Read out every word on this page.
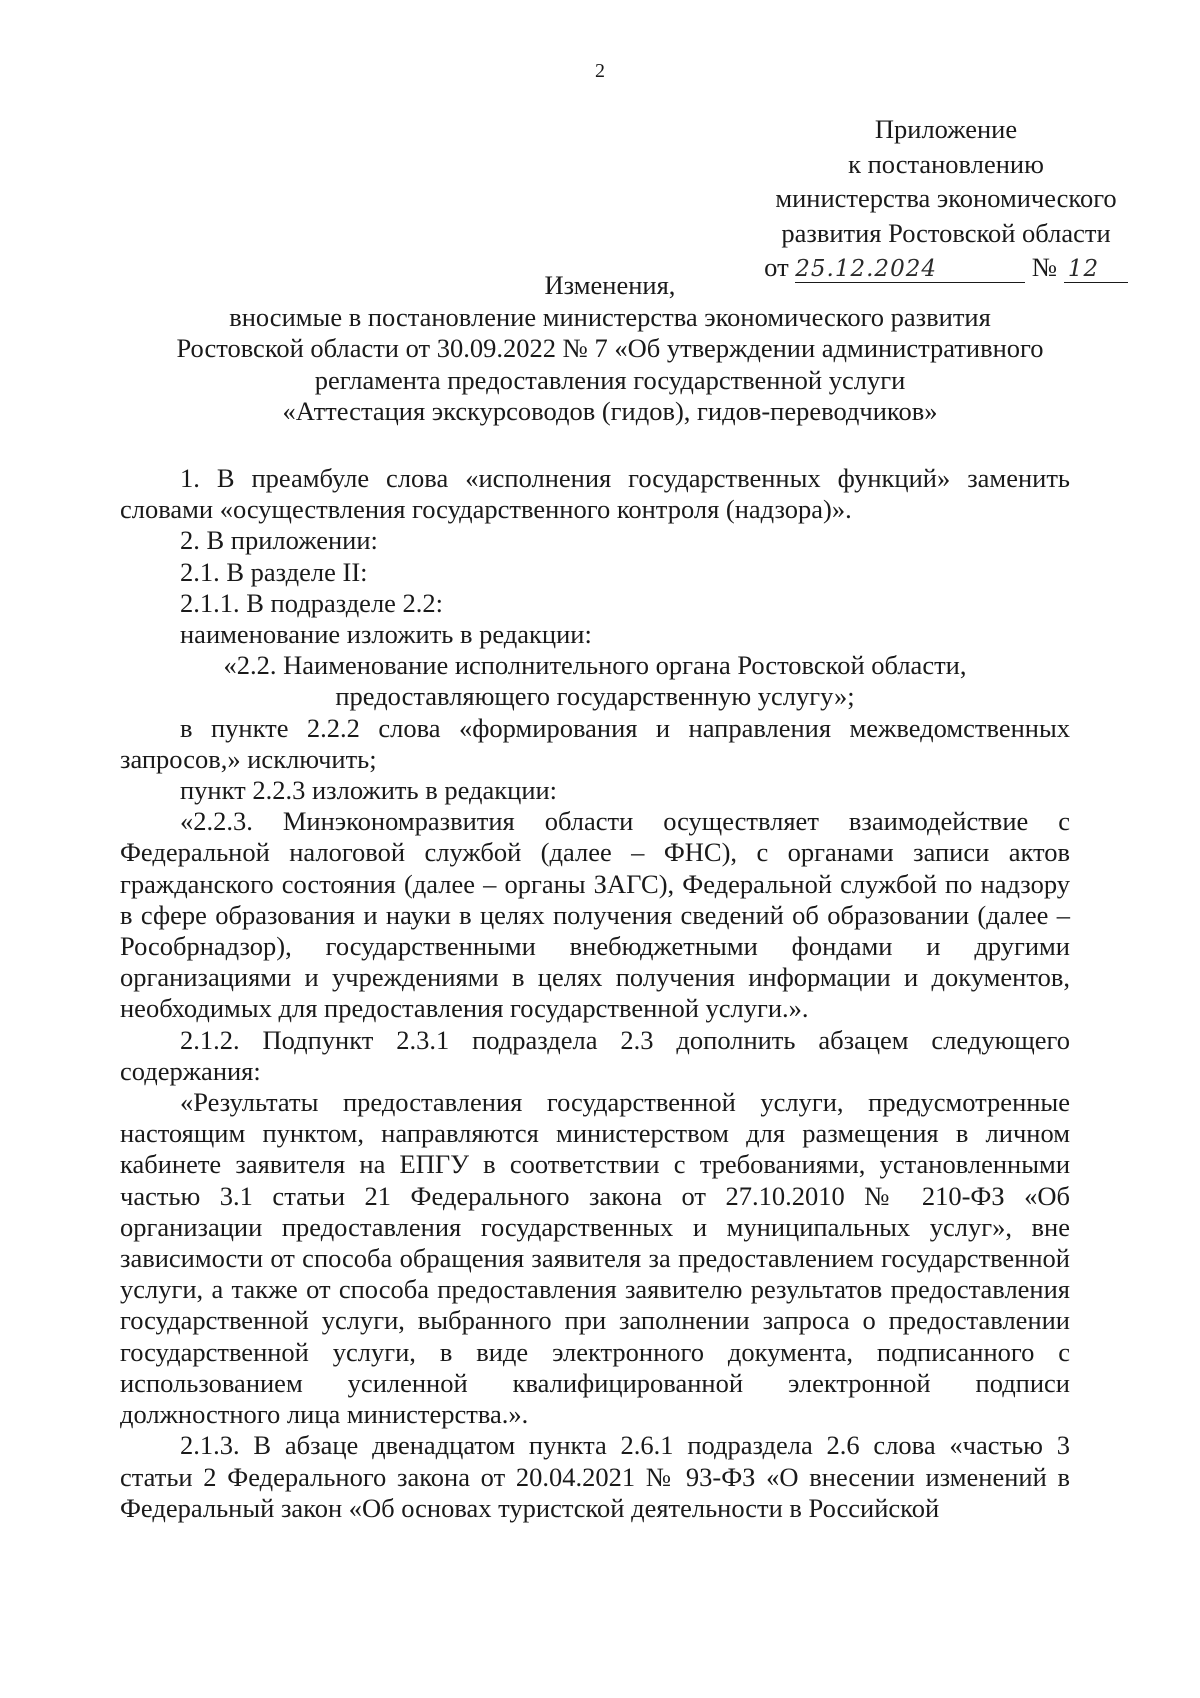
2
Приложение
к постановлению
министерства экономического
развития Ростовской области
от 25.12.2024	№ 12
Изменения,
вносимые в постановление министерства экономического развития
Ростовской области от 30.09.2022 № 7 «Об утверждении административного
регламента предоставления государственной услуги
«Аттестация экскурсоводов (гидов), гидов-переводчиков»

1. В преамбуле слова «исполнения государственных функций» заменить словами «осуществления государственного контроля (надзора)».

2. В приложении:

2.1. В разделе II:

2.1.1. В подразделе 2.2:

наименование изложить в редакции:

«2.2. Наименование исполнительного органа Ростовской области,

предоставляющего государственную услугу»;

в пункте 2.2.2 слова «формирования и направления межведомственных запросов,» исключить;

пункт 2.2.3 изложить в редакции:

«2.2.3. Минэкономразвития области осуществляет взаимодействие с Федеральной налоговой службой (далее – ФНС), с органами записи актов гражданского состояния (далее – органы ЗАГС), Федеральной службой по надзору в сфере образования и науки в целях получения сведений об образовании (далее – Рособрнадзор), государственными внебюджетными фондами и другими организациями и учреждениями в целях получения информации и документов, необходимых для предоставления государственной услуги.».

2.1.2. Подпункт 2.3.1 подраздела 2.3 дополнить абзацем следующего содержания:

«Результаты предоставления государственной услуги, предусмотренные настоящим пунктом, направляются министерством для размещения в личном кабинете заявителя на ЕПГУ в соответствии с требованиями, установленными частью 3.1 статьи 21 Федерального закона от 27.10.2010 № 210-ФЗ «Об организации предоставления государственных и муниципальных услуг», вне зависимости от способа обращения заявителя за предоставлением государственной услуги, а также от способа предоставления заявителю результатов предоставления государственной услуги, выбранного при заполнении запроса о предоставлении государственной услуги, в виде электронного документа, подписанного с использованием усиленной квалифицированной электронной подписи должностного лица министерства.».

2.1.3. В абзаце двенадцатом пункта 2.6.1 подраздела 2.6 слова «частью 3 статьи 2 Федерального закона от 20.04.2021 № 93-ФЗ «О внесении изменений в Федеральный закон «Об основах туристской деятельности в Российской
